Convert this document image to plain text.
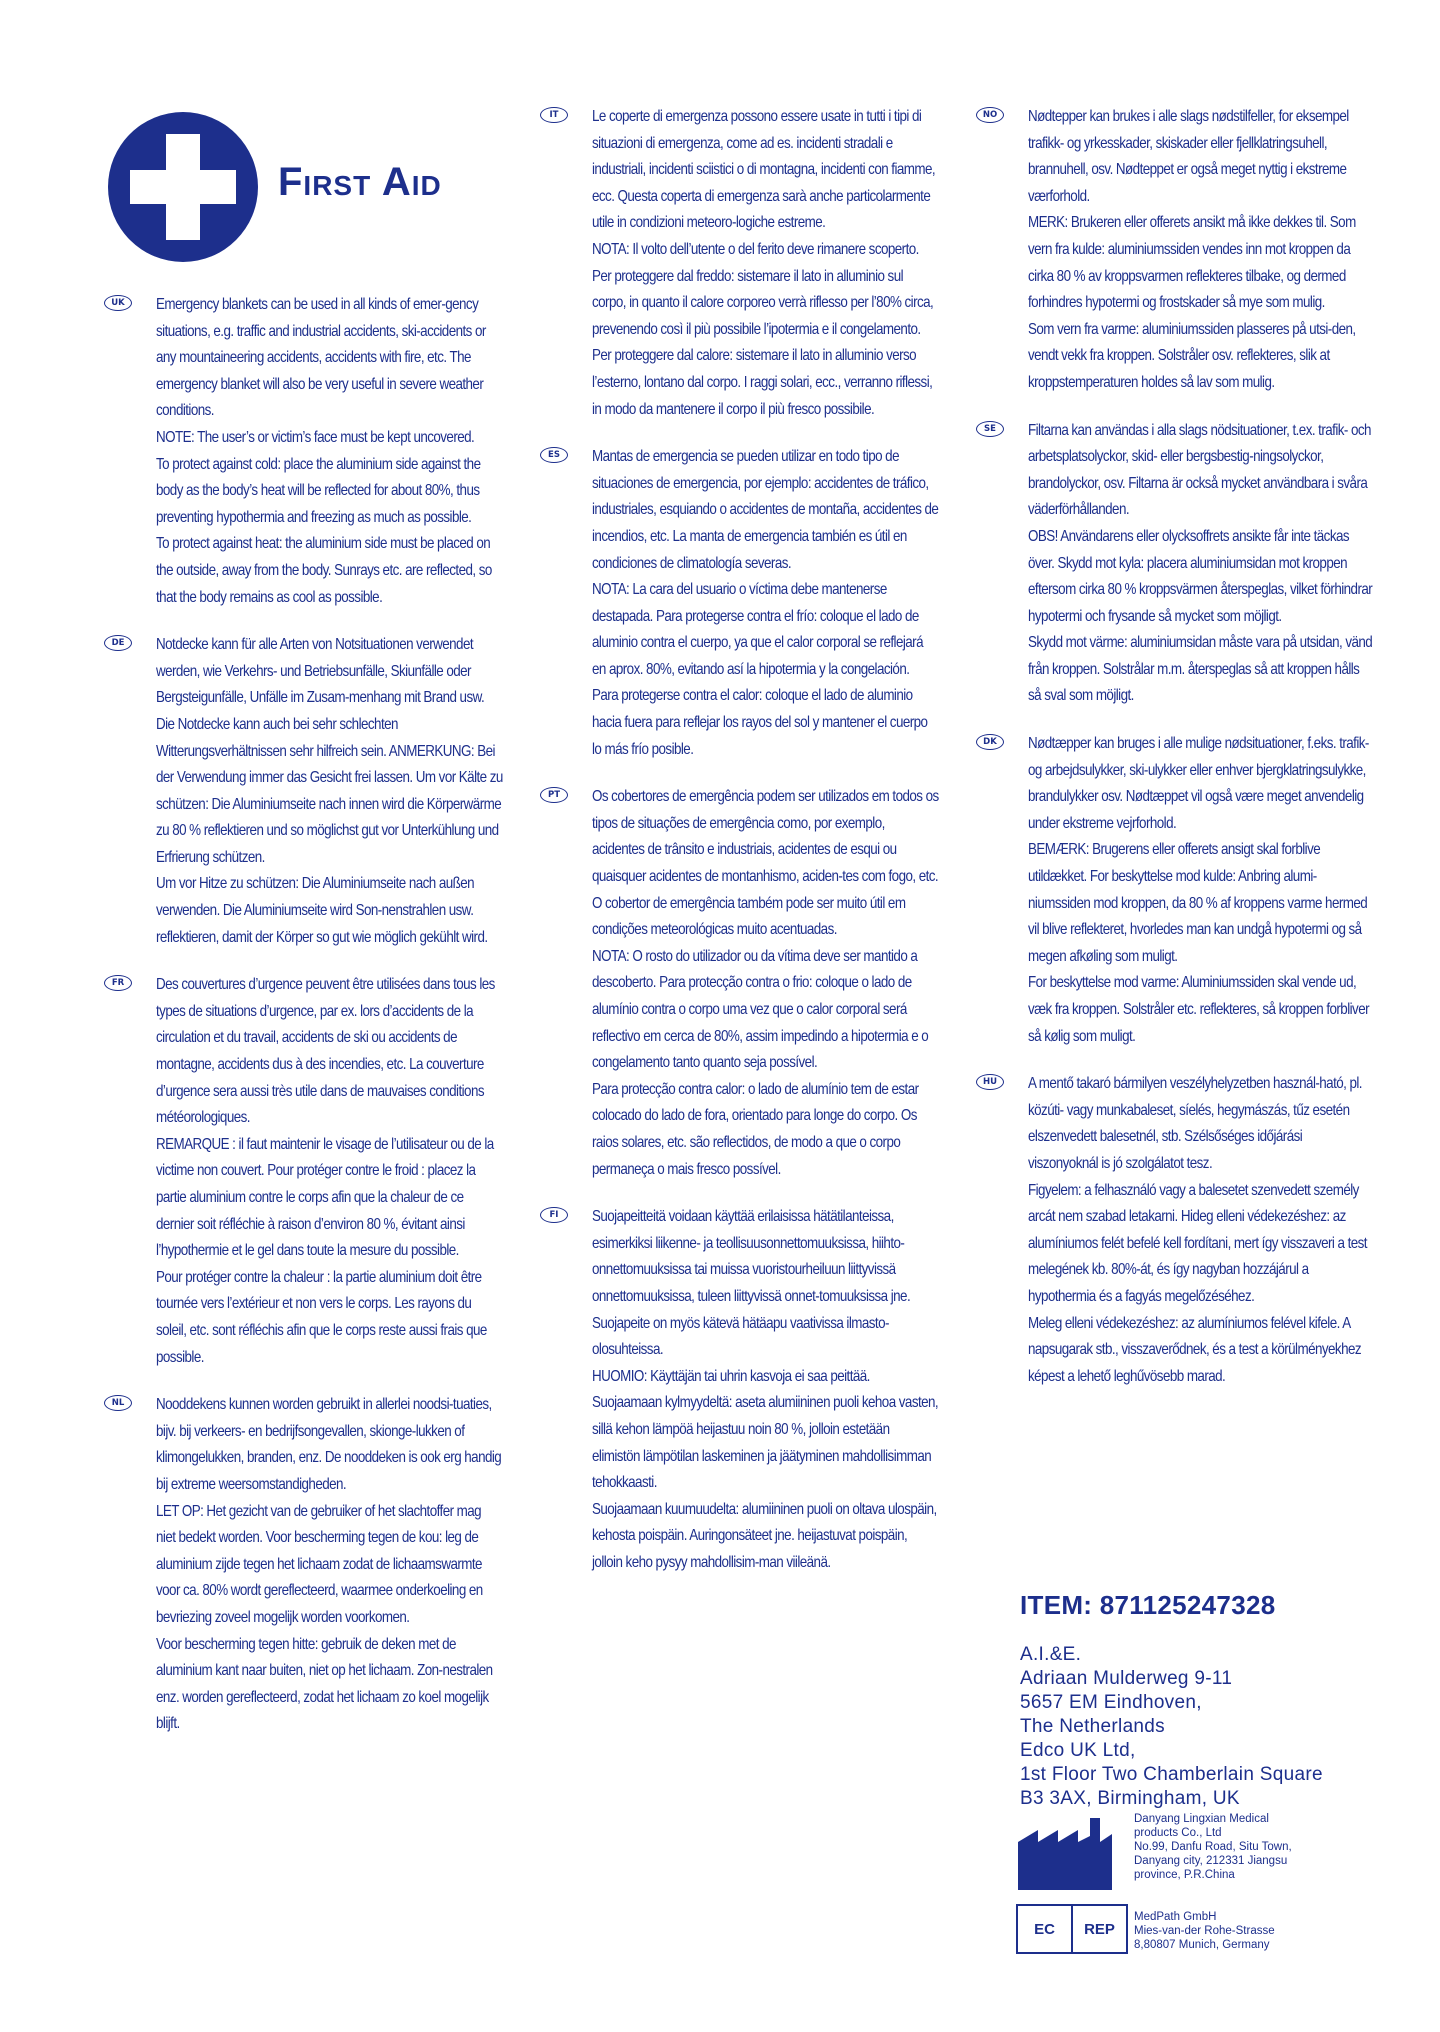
First Aid
UK	Emergency blankets can be used in all kinds of emer-gency situations, e.g. traffic and industrial accidents, ski-accidents or any mountaineering accidents, accidents with fire, etc. The emergency blanket will also be very useful in severe weather conditions.

NOTE: The user’s or victim’s face must be kept uncovered.

To protect against cold: place the aluminium side against the body as the body’s heat will be reflected for about 80%, thus preventing hypothermia and freezing as much as possible.

To protect against heat: the aluminium side must be placed on the outside, away from the body. Sunrays etc. are reflected, so that the body remains as cool as possible.

DE	Notdecke kann für alle Arten von Notsituationen verwendet werden, wie Verkehrs- und Betriebsunfälle, Skiunfälle oder Bergsteigunfälle, Unfälle im Zusam-menhang mit Brand usw. Die Notdecke kann auch bei sehr schlechten Witterungsverhältnissen sehr hilfreich sein. ANMERKUNG: Bei der Verwendung immer das Gesicht frei lassen. Um vor Kälte zu schützen: Die Aluminiumseite nach innen wird die Körperwärme zu 80 % reflektieren und so möglichst gut vor Unterkühlung und Erfrierung schützen.

Um vor Hitze zu schützen: Die Aluminiumseite nach außen verwenden. Die Aluminiumseite wird Son-nenstrahlen usw. reflektieren, damit der Körper so gut wie möglich gekühlt wird.

FR	Des couvertures d’urgence peuvent être utilisées dans tous les types de situations d’urgence, par ex. lors d’accidents de la circulation et du travail, accidents de ski ou accidents de montagne, accidents dus à des incendies, etc. La couverture d’urgence sera aussi très utile dans de mauvaises conditions météorologiques.

REMARQUE : il faut maintenir le visage de l’utilisateur ou de la victime non couvert. Pour protéger contre le froid : placez la partie aluminium contre le corps afin que la chaleur de ce dernier soit réfléchie à raison d’environ 80 %, évitant ainsi l’hypothermie et le gel dans toute la mesure du possible.

Pour protéger contre la chaleur : la partie aluminium doit être tournée vers l’extérieur et non vers le corps. Les rayons du soleil, etc. sont réfléchis afin que le corps reste aussi frais que possible.

NL	Nooddekens kunnen worden gebruikt in allerlei noodsi-tuaties, bijv. bij verkeers- en bedrijfsongevallen, skionge-lukken of klimongelukken, branden, enz. De nooddeken is ook erg handig bij extreme weersomstandigheden.

LET OP: Het gezicht van de gebruiker of het slachtoffer mag niet bedekt worden. Voor bescherming tegen de kou: leg de aluminium zijde tegen het lichaam zodat de lichaamswarmte voor ca. 80% wordt gereflecteerd, waarmee onderkoeling en bevriezing zoveel mogelijk worden voorkomen.

Voor bescherming tegen hitte: gebruik de deken met de aluminium kant naar buiten, niet op het lichaam. Zon-nestralen enz. worden gereflecteerd, zodat het lichaam zo koel mogelijk blijft.

IT	Le coperte di emergenza possono essere usate in tutti i tipi di situazioni di emergenza, come ad es. incidenti stradali e industriali, incidenti sciistici o di montagna, incidenti con fiamme, ecc. Questa coperta di emergenza sarà anche particolarmente utile in condizioni meteoro-logiche estreme.

NOTA: Il volto dell’utente o del ferito deve rimanere scoperto. Per proteggere dal freddo: sistemare il lato in alluminio sul corpo, in quanto il calore corporeo verrà riflesso per l’80% circa, prevenendo così il più possibile l’ipotermia e il congelamento.

Per proteggere dal calore: sistemare il lato in alluminio verso l’esterno, lontano dal corpo. I raggi solari, ecc., verranno riflessi, in modo da mantenere il corpo il più fresco possibile.

ES	Mantas de emergencia se pueden utilizar en todo tipo de situaciones de emergencia, por ejemplo: accidentes de tráfico, industriales, esquiando o accidentes de montaña, accidentes de incendios, etc. La manta de emergencia también es útil en condiciones de climatología severas.

NOTA: La cara del usuario o víctima debe mantenerse destapada. Para protegerse contra el frío: coloque el lado de aluminio contra el cuerpo, ya que el calor corporal se reflejará en aprox. 80%, evitando así la hipotermia y la congelación.

Para protegerse contra el calor: coloque el lado de aluminio hacia fuera para reflejar los rayos del sol y mantener el cuerpo lo más frío posible.

PT	Os cobertores de emergência podem ser utilizados em todos os tipos de situações de emergência como, por exemplo, acidentes de trânsito e industriais, acidentes de esqui ou quaisquer acidentes de montanhismo, aciden-tes com fogo, etc. O cobertor de emergência também pode ser muito útil em condições meteorológicas muito acentuadas.

NOTA: O rosto do utilizador ou da vítima deve ser mantido a descoberto. Para protecção contra o frio: coloque o lado de alumínio contra o corpo uma vez que o calor corporal será reflectivo em cerca de 80%, assim impedindo a hipotermia e o congelamento tanto quanto seja possível.

Para protecção contra calor: o lado de alumínio tem de estar colocado do lado de fora, orientado para longe do corpo. Os raios solares, etc. são reflectidos, de modo a que o corpo permaneça o mais fresco possível.

FI	Suojapeitteitä voidaan käyttää erilaisissa hätätilanteissa, esimerkiksi liikenne- ja teollisuusonnettomuuksissa, hiihto-onnettomuuksissa tai muissa vuoristourheiluun liittyvissä onnettomuuksissa, tuleen liittyvissä onnet-tomuuksissa jne. Suojapeite on myös kätevä hätäapu vaativissa ilmasto-olosuhteissa.

HUOMIO: Käyttäjän tai uhrin kasvoja ei saa peittää. Suojaamaan kylmyydeltä: aseta alumiininen puoli kehoa vasten, sillä kehon lämpöä heijastuu noin 80 %, jolloin estetään elimistön lämpötilan laskeminen ja jäätyminen mahdollisimman tehokkaasti.

Suojaamaan kuumuudelta: alumiininen puoli on oltava ulospäin, kehosta poispäin. Auringonsäteet jne. heijastuvat poispäin, jolloin keho pysyy mahdollisim-man viileänä.

NO	Nødtepper kan brukes i alle slags nødstilfeller, for eksempel trafikk- og yrkesskader, skiskader eller fjellklatringsuhell, brannuhell, osv. Nødteppet er også meget nyttig i ekstreme værforhold.

MERK: Brukeren eller offerets ansikt må ikke dekkes til. Som vern fra kulde: aluminiumssiden vendes inn mot kroppen da cirka 80 % av kroppsvarmen reflekteres tilbake, og dermed forhindres hypotermi og frostskader så mye som mulig.

Som vern fra varme: aluminiumssiden plasseres på utsi-den, vendt vekk fra kroppen. Solstråler osv. reflekteres, slik at kroppstemperaturen holdes så lav som mulig.

SE	Filtarna kan användas i alla slags nödsituationer, t.ex. trafik- och arbetsplatsolyckor, skid- eller bergsbestig-ningsolyckor, brandolyckor, osv. Filtarna är också mycket användbara i svåra väderförhållanden.

OBS! Användarens eller olycksoffrets ansikte får inte täckas över. Skydd mot kyla: placera aluminiumsidan mot kroppen eftersom cirka 80 % kroppsvärmen återspeglas, vilket förhindrar hypotermi och frysande så mycket som möjligt.

Skydd mot värme: aluminiumsidan måste vara på utsidan, vänd från kroppen. Solstrålar m.m. återspeglas så att kroppen hålls så sval som möjligt.

DK	Nødtæpper kan bruges i alle mulige nødsituationer, f.eks. trafik- og arbejdsulykker, ski-ulykker eller enhver bjergklatringsulykke, brandulykker osv. Nødtæppet vil også være meget anvendelig under ekstreme vejrforhold.

BEMÆRK: Brugerens eller offerets ansigt skal forblive utildækket. For beskyttelse mod kulde: Anbring alumi-niumssiden mod kroppen, da 80 % af kroppens varme hermed vil blive reflekteret, hvorledes man kan undgå hypotermi og så megen afkøling som muligt.

For beskyttelse mod varme: Aluminiumssiden skal vende ud, væk fra kroppen. Solstråler etc. reflekteres, så kroppen forbliver så kølig som muligt.

HU	A mentő takaró bármilyen veszélyhelyzetben használ-ható, pl. közúti- vagy munkabaleset, síelés, hegymászás, tűz esetén elszenvedett balesetnél, stb. Szélsőséges időjárási viszonyoknál is jó szolgálatot tesz.

Figyelem: a felhasználó vagy a balesetet szenvedett személy arcát nem szabad letakarni. Hideg elleni védekezéshez: az alumíniumos felét befelé kell fordítani, mert így visszaveri a test melegének kb. 80%-át, és így nagyban hozzájárul a hypothermia és a fagyás megelőzéséhez.

Meleg elleni védekezéshez: az alumíniumos felével kifele. A napsugarak stb., visszaverődnek, és a test a körülményekhez képest a lehető leghűvösebb marad.

ITEM: 871125247328
A.I.&E.
Adriaan Mulderweg 9-11
5657 EM Eindhoven,
The Netherlands
Edco UK Ltd,
1st Floor Two Chamberlain Square
B3 3AX, Birmingham, UK
Danyang Lingxian Medical
products Co., Ltd
No.99, Danfu Road, Situ Town,
Danyang city, 212331 Jiangsu
province, P.R.China
EC	REP
MedPath GmbH
Mies-van-der Rohe-Strasse
8,80807 Munich, Germany
